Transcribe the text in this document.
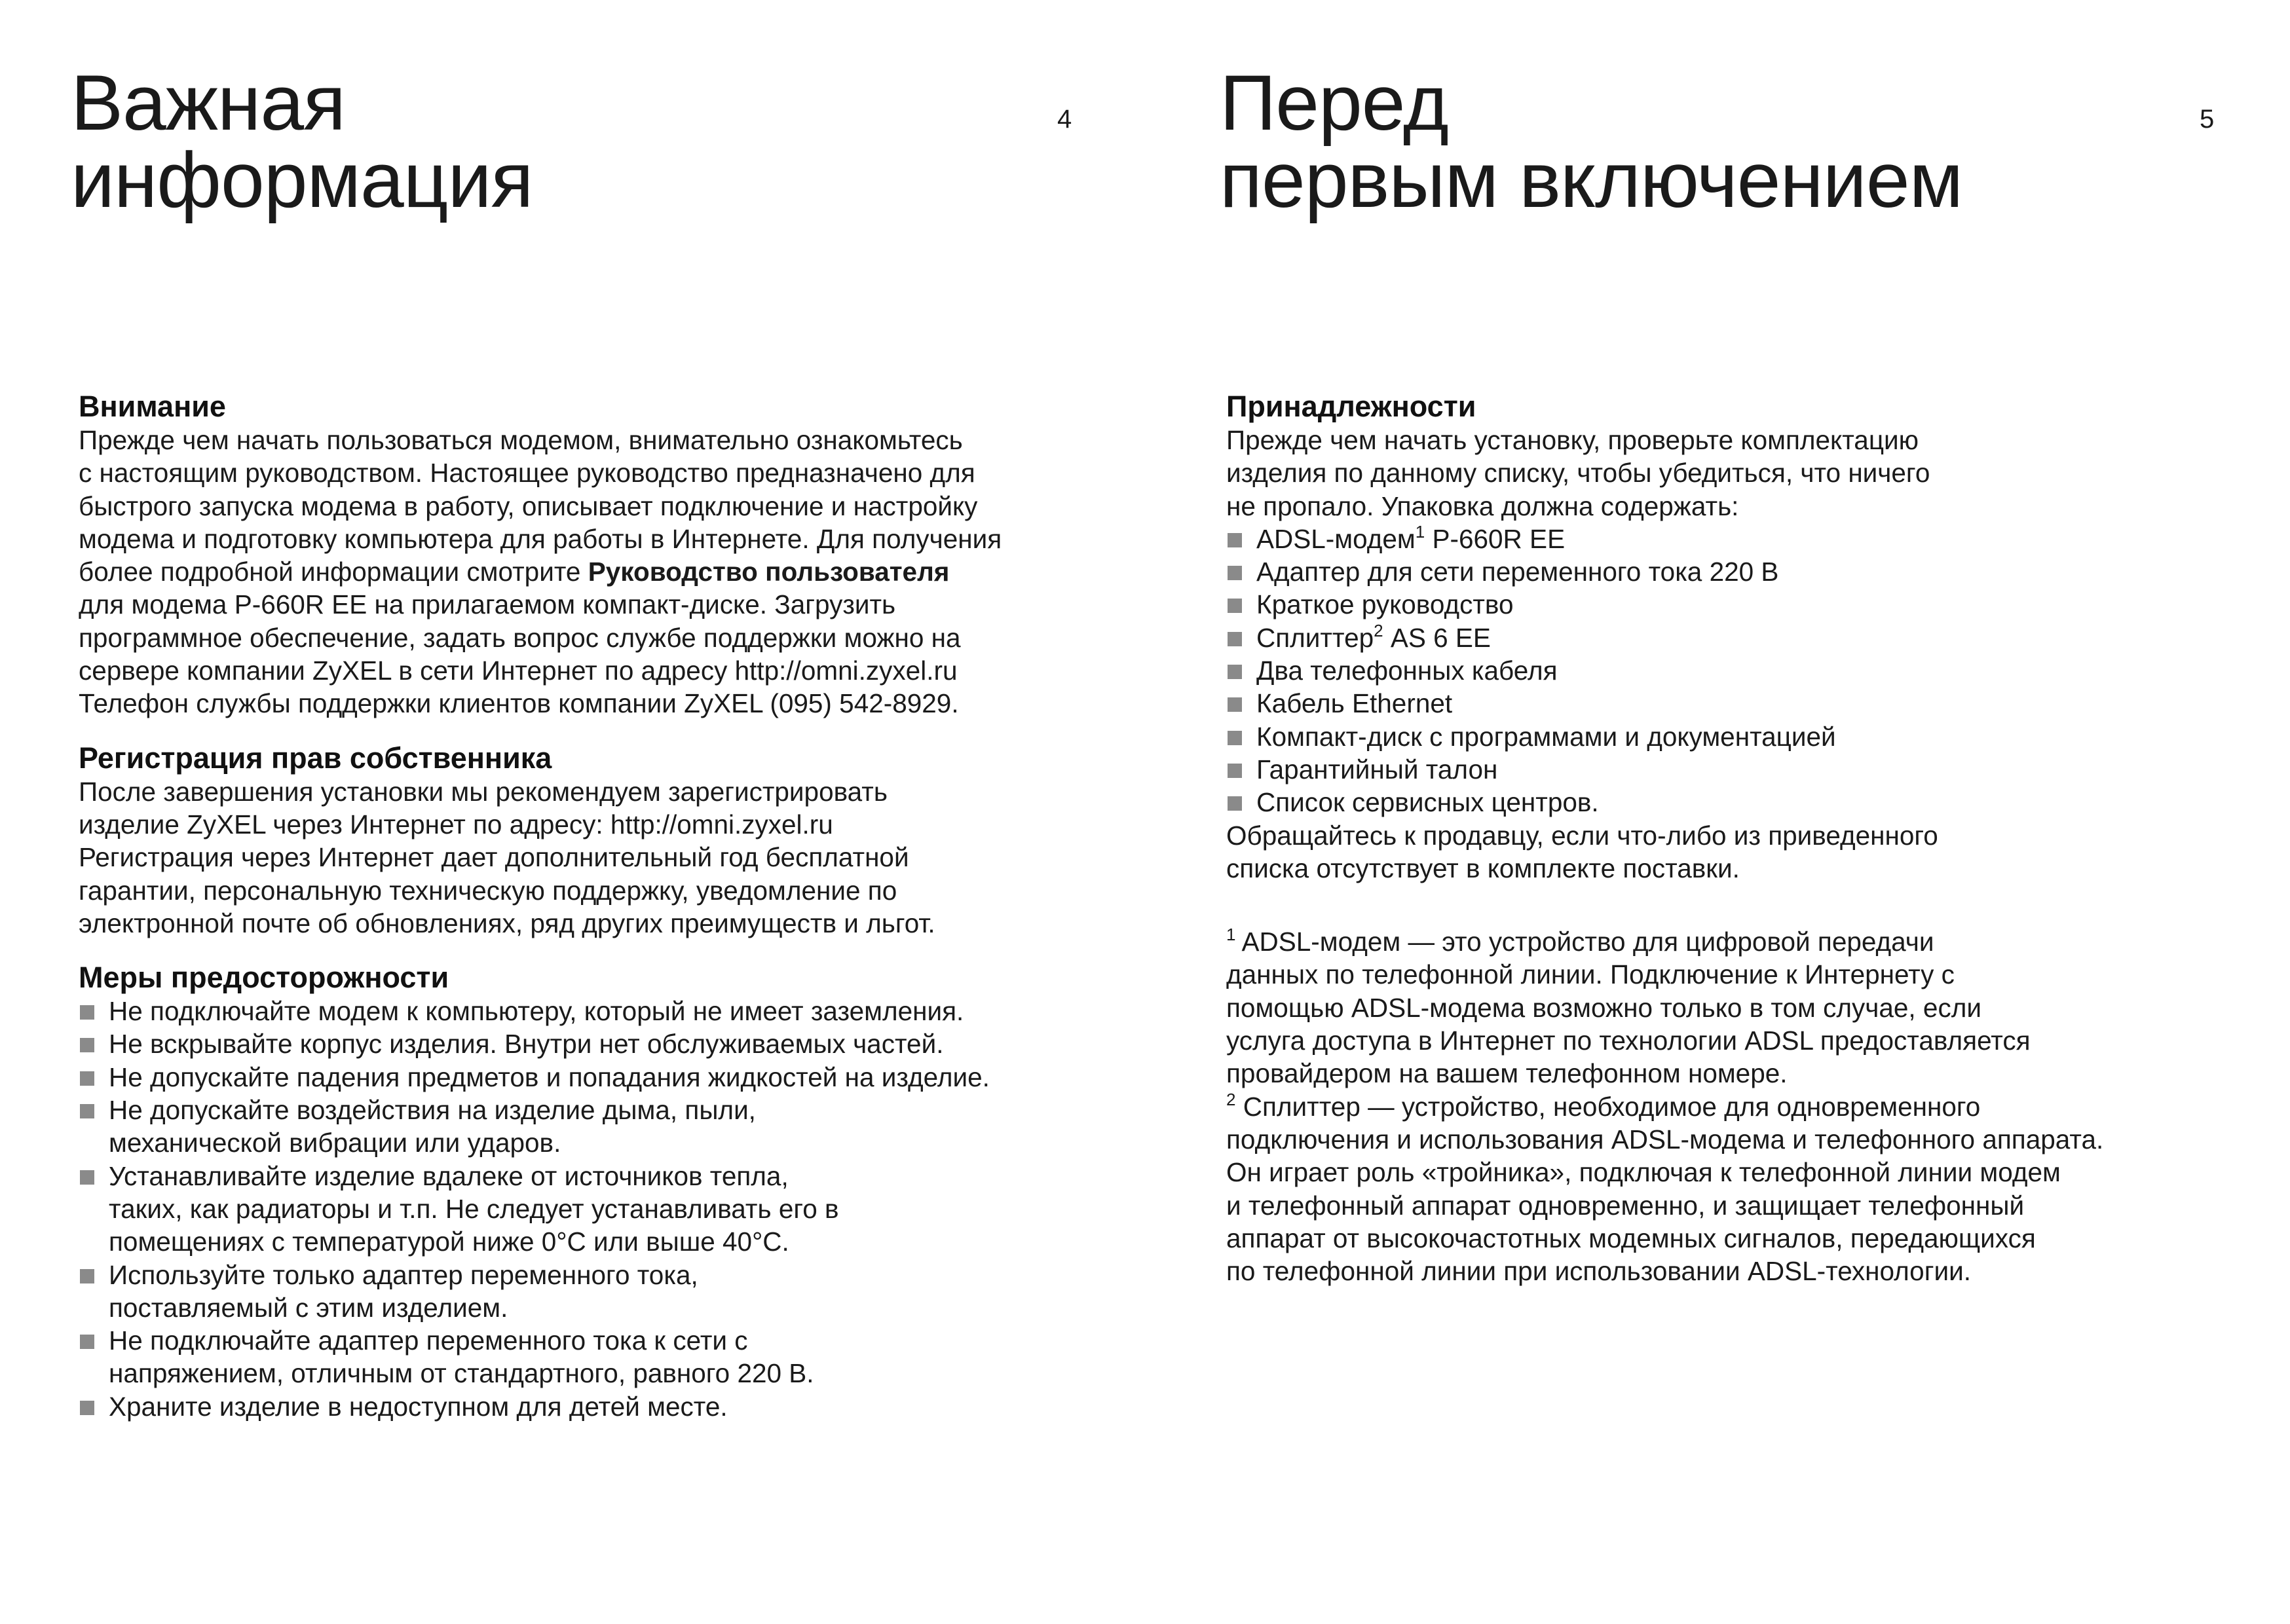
Важная
информация
4
Внимание

Прежде чем начать пользоваться модемом, внимательно ознакомьтесь

с настоящим руководством. Настоящее руководство предназначено для

быстрого запуска модема в работу, описывает подключение и настройку

модема и подготовку компьютера для работы в Интернете. Для получения

более подробной информации смотрите Руководство пользователя

для модема P-660R EE на прилагаемом компакт-диске. Загрузить

программное обеспечение, задать вопрос службе поддержки можно на

сервере компании ZyXEL в сети Интернет по адресу http://omni.zyxel.ru

Телефон службы поддержки клиентов компании ZyXEL (095) 542-8929.

Регистрация прав собственника

После завершения установки мы рекомендуем зарегистрировать

изделие ZyXEL через Интернет по адресу: http://omni.zyxel.ru

Регистрация через Интернет дает дополнительный год бесплатной

гарантии, персональную техническую поддержку, уведомление по

электронной почте об обновлениях, ряд других преимуществ и льгот.

Меры предосторожности
Не подключайте модем к компьютеру, который не имеет заземления.
Не вскрывайте корпус изделия. Внутри нет обслуживаемых частей.
Не допускайте падения предметов и попадания жидкостей на изделие.
Не допускайте воздействия на изделие дыма, пыли,
механической вибрации или ударов.
Устанавливайте изделие вдалеке от источников тепла,
таких, как радиаторы и т.п. Не следует устанавливать его в
помещениях с температурой ниже 0°С или выше 40°С.
Используйте только адаптер переменного тока,
поставляемый с этим изделием.
Не подключайте адаптер переменного тока к сети с
напряжением, отличным от стандартного, равного 220 В.
Храните изделие в недоступном для детей месте.
Перед
первым включением
5
Принадлежности

Прежде чем начать установку, проверьте комплектацию

изделия по данному списку, чтобы убедиться, что ничего

не пропало. Упаковка должна содержать:

ADSL-модем$^1$ P-660R EE
Адаптер для сети переменного тока 220 В
Краткое руководство
Сплиттер$^2$ AS 6 EE
Два телефонных кабеля
Кабель Ethernet
Компакт-диск с программами и документацией
Гарантийный талон
Список сервисных центров.

Обращайтесь к продавцу, если что-либо из приведенного

списка отсутствует в комплекте поставки.

$^1$ ADSL-модем — это устройство для цифровой передачи

данных по телефонной линии. Подключение к Интернету с

помощью ADSL-модема возможно только в том случае, если

услуга доступа в Интернет по технологии ADSL предоставляется

провайдером на вашем телефонном номере.

$^2$ Сплиттер — устройство, необходимое для одновременного

подключения и использования ADSL-модема и телефонного аппарата.

Он играет роль «тройника», подключая к телефонной линии модем

и телефонный аппарат одновременно, и защищает телефонный

аппарат от высокочастотных модемных сигналов, передающихся

по телефонной линии при использовании ADSL-технологии.
